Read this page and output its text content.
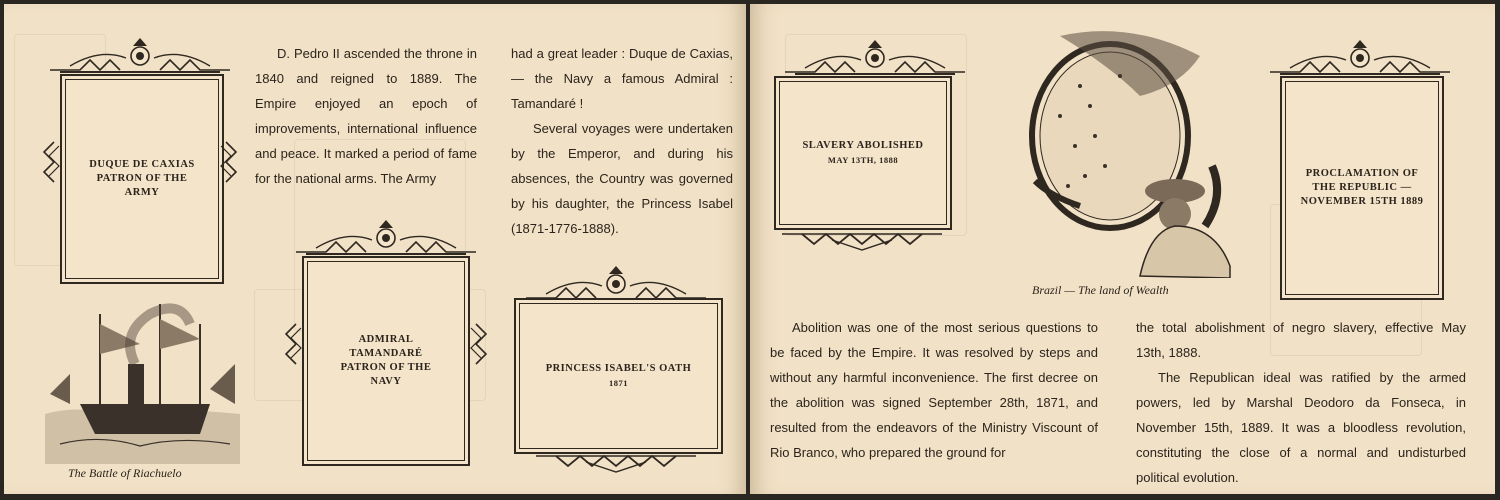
DUQUE DE CAXIAS
PATRON OF THE
ARMY
ADMIRAL
TAMANDARÉ
PATRON OF THE
NAVY
PRINCESS ISABEL'S OATH
1871
The Battle of Riachuelo

D. Pedro II ascended the throne in 1840 and reigned to 1889. The Empire enjoyed an epoch of improvements, international influence and peace. It marked a period of fame for the national arms. The Army

had a great leader : Duque de Caxias, — the Navy a famous Admiral : Tamandaré !

Several voyages were undertaken by the Emperor, and during his absences, the Country was governed by his daughter, the Princess Isabel (1871-1776-1888).

SLAVERY ABOLISHED
MAY 13TH, 1888
Brazil — The land of Wealth
PROCLAMATION OF
THE REPUBLIC —
NOVEMBER 15TH 1889

Abolition was one of the most serious questions to be faced by the Empire. It was resolved by steps and without any harmful inconvenience. The first decree on the abolition was signed September 28th, 1871, and resulted from the endeavors of the Ministry Viscount of Rio Branco, who prepared the ground for

the total abolishment of negro slavery, effective May 13th, 1888.

The Republican ideal was ratified by the armed powers, led by Marshal Deodoro da Fonseca, in November 15th, 1889. It was a bloodless revolution, constituting the close of a normal and undisturbed political evolution.
